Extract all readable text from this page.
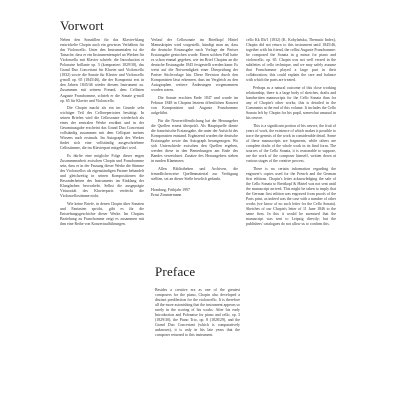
Vorwort

Neben den Sonatillen für das Klavier-klang entwickelte Chopin auch ein gewisses Verhältnis für das Violoncello. Unter den Instrumentalen ist die Tatsache, dass er ein Instrumentenspiel an Werken für Violoncello mit Klavier schrieb: die Introduction et Polonaise brillante op. 3 (komponiert 1829/30), das Grand Duo Concertant für Klavier und Violoncello (1832) sowie die Sonate für Klavier und Violoncello g-moll op. 65 (1845/46), die der Komponist erst in den Jahren 1845/46 wieder diesem Instrument zu. Zusammen mit seinem Freund, dem Cellisten Auguste Franchomme, schrieb er die Sonate g-moll op. 65 für Klavier und Violoncello.

Die Chopin macht als ein im Grunde sehr wichtiger Teil des Cellorepertoires bestätigt. In seinen Briefen wird die Cellosonate wiederholt als eines der zentralen Werke erwähnt und in der Gesamtausgabe erscheint das Grand Duo Concertant vollständig zusammen mit dem Cellopart meines Wissens auch erstmals. Im Autograph des Werkes findet sich eine vollständig ausgeschriebene Cellostimme, die im Klavierpart mitgeführt wird.

Es dürfte eine mögliche Folge dieser engen Zusammenarbeit zwischen Chopin und Franchomme sein, dass er in der Fassung dieser Werke die Stimme des Violoncellos als eigenständigen Partner behandelt und gleichzeitig in seinen Kompositionen die Besonderheiten des Instruments im Einklang der Klangfarben hervorhebt. Selbst die ausgeprägte Virtuosität des Klavierparts verdeckt die Violoncellostimme nicht.

Wie keine Briefe, in denen Chopin über Sonaten und Fantasien spricht, gibt es für die Entstehungsgeschichte dieser Werke. Im Chopins Beziehung zu Franchomme zeigt es zusammen mit ihm eine Reihe von Konzertaufführungen.

Verlauf der Cellosonate im Briefkopf Härtel Manuskriptes wird vorgestellt, kündigt man an, dass die deutsche Erstausgabe nach Vorlage der Pariser Erstausgabe gestochen wurde. Einen solchen Fall hatte es schon einmal gegeben, wie im Brief Chopins an die deutsche Erstausgabe 1845 festgestellt werden kann: Es weist auf die Notwendigkeit einer Überprüfung der Pariser Stichvorlage hin. Diese Revision durch den Komponisten lässt erkennen, dass im Vergleich zu den Autographen weitere Änderungen vorgenommen worden waren.

Die Sonate erschien Ende 1847 und wurde im Februar 1848 in Chopins letztem öffentlichen Konzert von Komponisten und Auguste Franchomme aufgeführt.

Für die Neuveröffentlichung hat der Herausgeber die Quellen erneut überprüft. Als Hauptquelle diente die französische Erstausgabe, die unter der Aufsicht des Komponisten entstand. Ergänzend wurden die deutsche Erstausgabe sowie das Autograph herangezogen. Wo sich Unterschiede zwischen den Quellen ergeben, werden diese in den Bemerkungen am Ende des Bandes verzeichnet. Zusätze des Herausgebers stehen in runden Klammern.

Allen Bibliotheken und Archiven, die freundlicherweise Quellenmaterial zur Verfügung stellten, sei an dieser Stelle herzlich gedankt.

Homburg, Frühjahr 1997
Ernst Zimmermann

Preface

Besides a creative era as one of the greatest composers for the piano, Chopin also developed a distinct predilection for the violoncello. It is therefore all the more astonishing that the instrument appears so rarely in the scoring of his works. After his early Introduction and Polonaise for piano and cello, op. 3 (1829/30), the Piano Trio, op. 8 (1828/29), and the Grand Duo Concertant (which is comparatively unknown), it is only in his late years that the composer returned to this instrument.

cello Kk IIb/1 (1832) (K. Kobylańska, Thematic Index), Chopin did not return to this instrument until 1845/46, together with his friend, the cellist Auguste Franchomme: he composed the Sonata in g minor for piano and violoncello, op. 65. Chopin was not well versed in the subtleties of cello technique, and we may safely assume that Franchomme played a large part in their collaboration; this could explain the care and balance with which the parts are treated.

Perhaps as a natural outcome of this close working relationship, there is a large body of sketches, drafts and handwritten manuscripts for the Cello Sonata than for any of Chopin's other works; this is detailed in the Comments at the end of this volume. It includes the Cello Sonata left by Chopin for his pupil, somewhat unusual in his oeuvre.

This is a significant portion of his oeuvre, the fruit of years of work, the existence of which makes it possible to trace the genesis of the work in considerable detail. Some of these manuscripts are fragments, while others are complete drafts of the whole work in its final form. The sources of the Cello Sonata, it is reasonable to suppose, are the work of the composer himself, written down at various stages of the creative process.

There is no certain information regarding the engraver's copies used for the French and the German first editions. Chopin's letter acknowledging the sale of the Cello Sonata to Breitkopf & Härtel was not sent until the manuscript arrived. This might be taken to imply that the German first edition was engraved from proofs of the Paris print, as indeed was the case with a number of other works (we know of no such letter for the Cello Sonata). Sketches of our Chopin's letter of 11 June 1846 to the same firm. In this it would be surmised that the manuscript was sent to Leipzig directly; but the publishers' catalogues do not allow us to confirm this.
